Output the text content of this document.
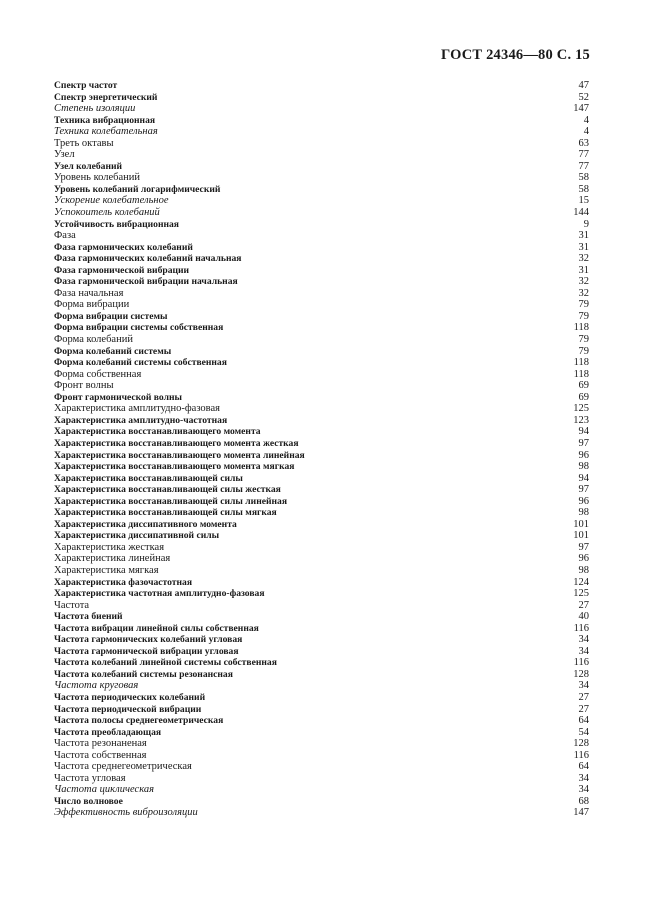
ГОСТ 24346—80 С. 15
Спектр частот	47
Спектр энергетический	52
Степень изоляции	147
Техника вибрационная	4
Техника колебательная	4
Треть октавы	63
Узел	77
Узел колебаний	77
Уровень колебаний	58
Уровень колебаний логарифмический	58
Ускорение колебательное	15
Успокоитель колебаний	144
Устойчивость вибрационная	9
Фаза	31
Фаза гармонических колебаний	31
Фаза гармонических колебаний начальная	32
Фаза гармонической вибрации	31
Фаза гармонической вибрации начальная	32
Фаза начальная	32
Форма вибрации	79
Форма вибрации системы	79
Форма вибрации системы собственная	118
Форма колебаний	79
Форма колебаний системы	79
Форма колебаний системы собственная	118
Форма собственная	118
Фронт волны	69
Фронт гармонической волны	69
Характеристика амплитудно-фазовая	125
Характеристика амплитудно-частотная	123
Характеристика восстанавливающего момента	94
Характеристика восстанавливающего момента жесткая	97
Характеристика восстанавливающего момента линейная	96
Характеристика восстанавливающего момента мягкая	98
Характеристика восстанавливающей силы	94
Характеристика восстанавливающей силы жесткая	97
Характеристика восстанавливающей силы линейная	96
Характеристика восстанавливающей силы мягкая	98
Характеристика диссипативного момента	101
Характеристика диссипативной силы	101
Характеристика жесткая	97
Характеристика линейная	96
Характеристика мягкая	98
Характеристика фазочастотная	124
Характеристика частотная амплитудно-фазовая	125
Частота	27
Частота биений	40
Частота вибрации линейной силы собственная	116
Частота гармонических колебаний угловая	34
Частота гармонической вибрации угловая	34
Частота колебаний линейной системы собственная	116
Частота колебаний системы резонансная	128
Частота круговая	34
Частота периодических колебаний	27
Частота периодической вибрации	27
Частота полосы среднегеометрическая	64
Частота преобладающая	54
Частота резонаненая	128
Частота собственная	116
Частота среднегеометрическая	64
Частота угловая	34
Частота циклическая	34
Число волновое	68
Эффективность виброизоляции	147
